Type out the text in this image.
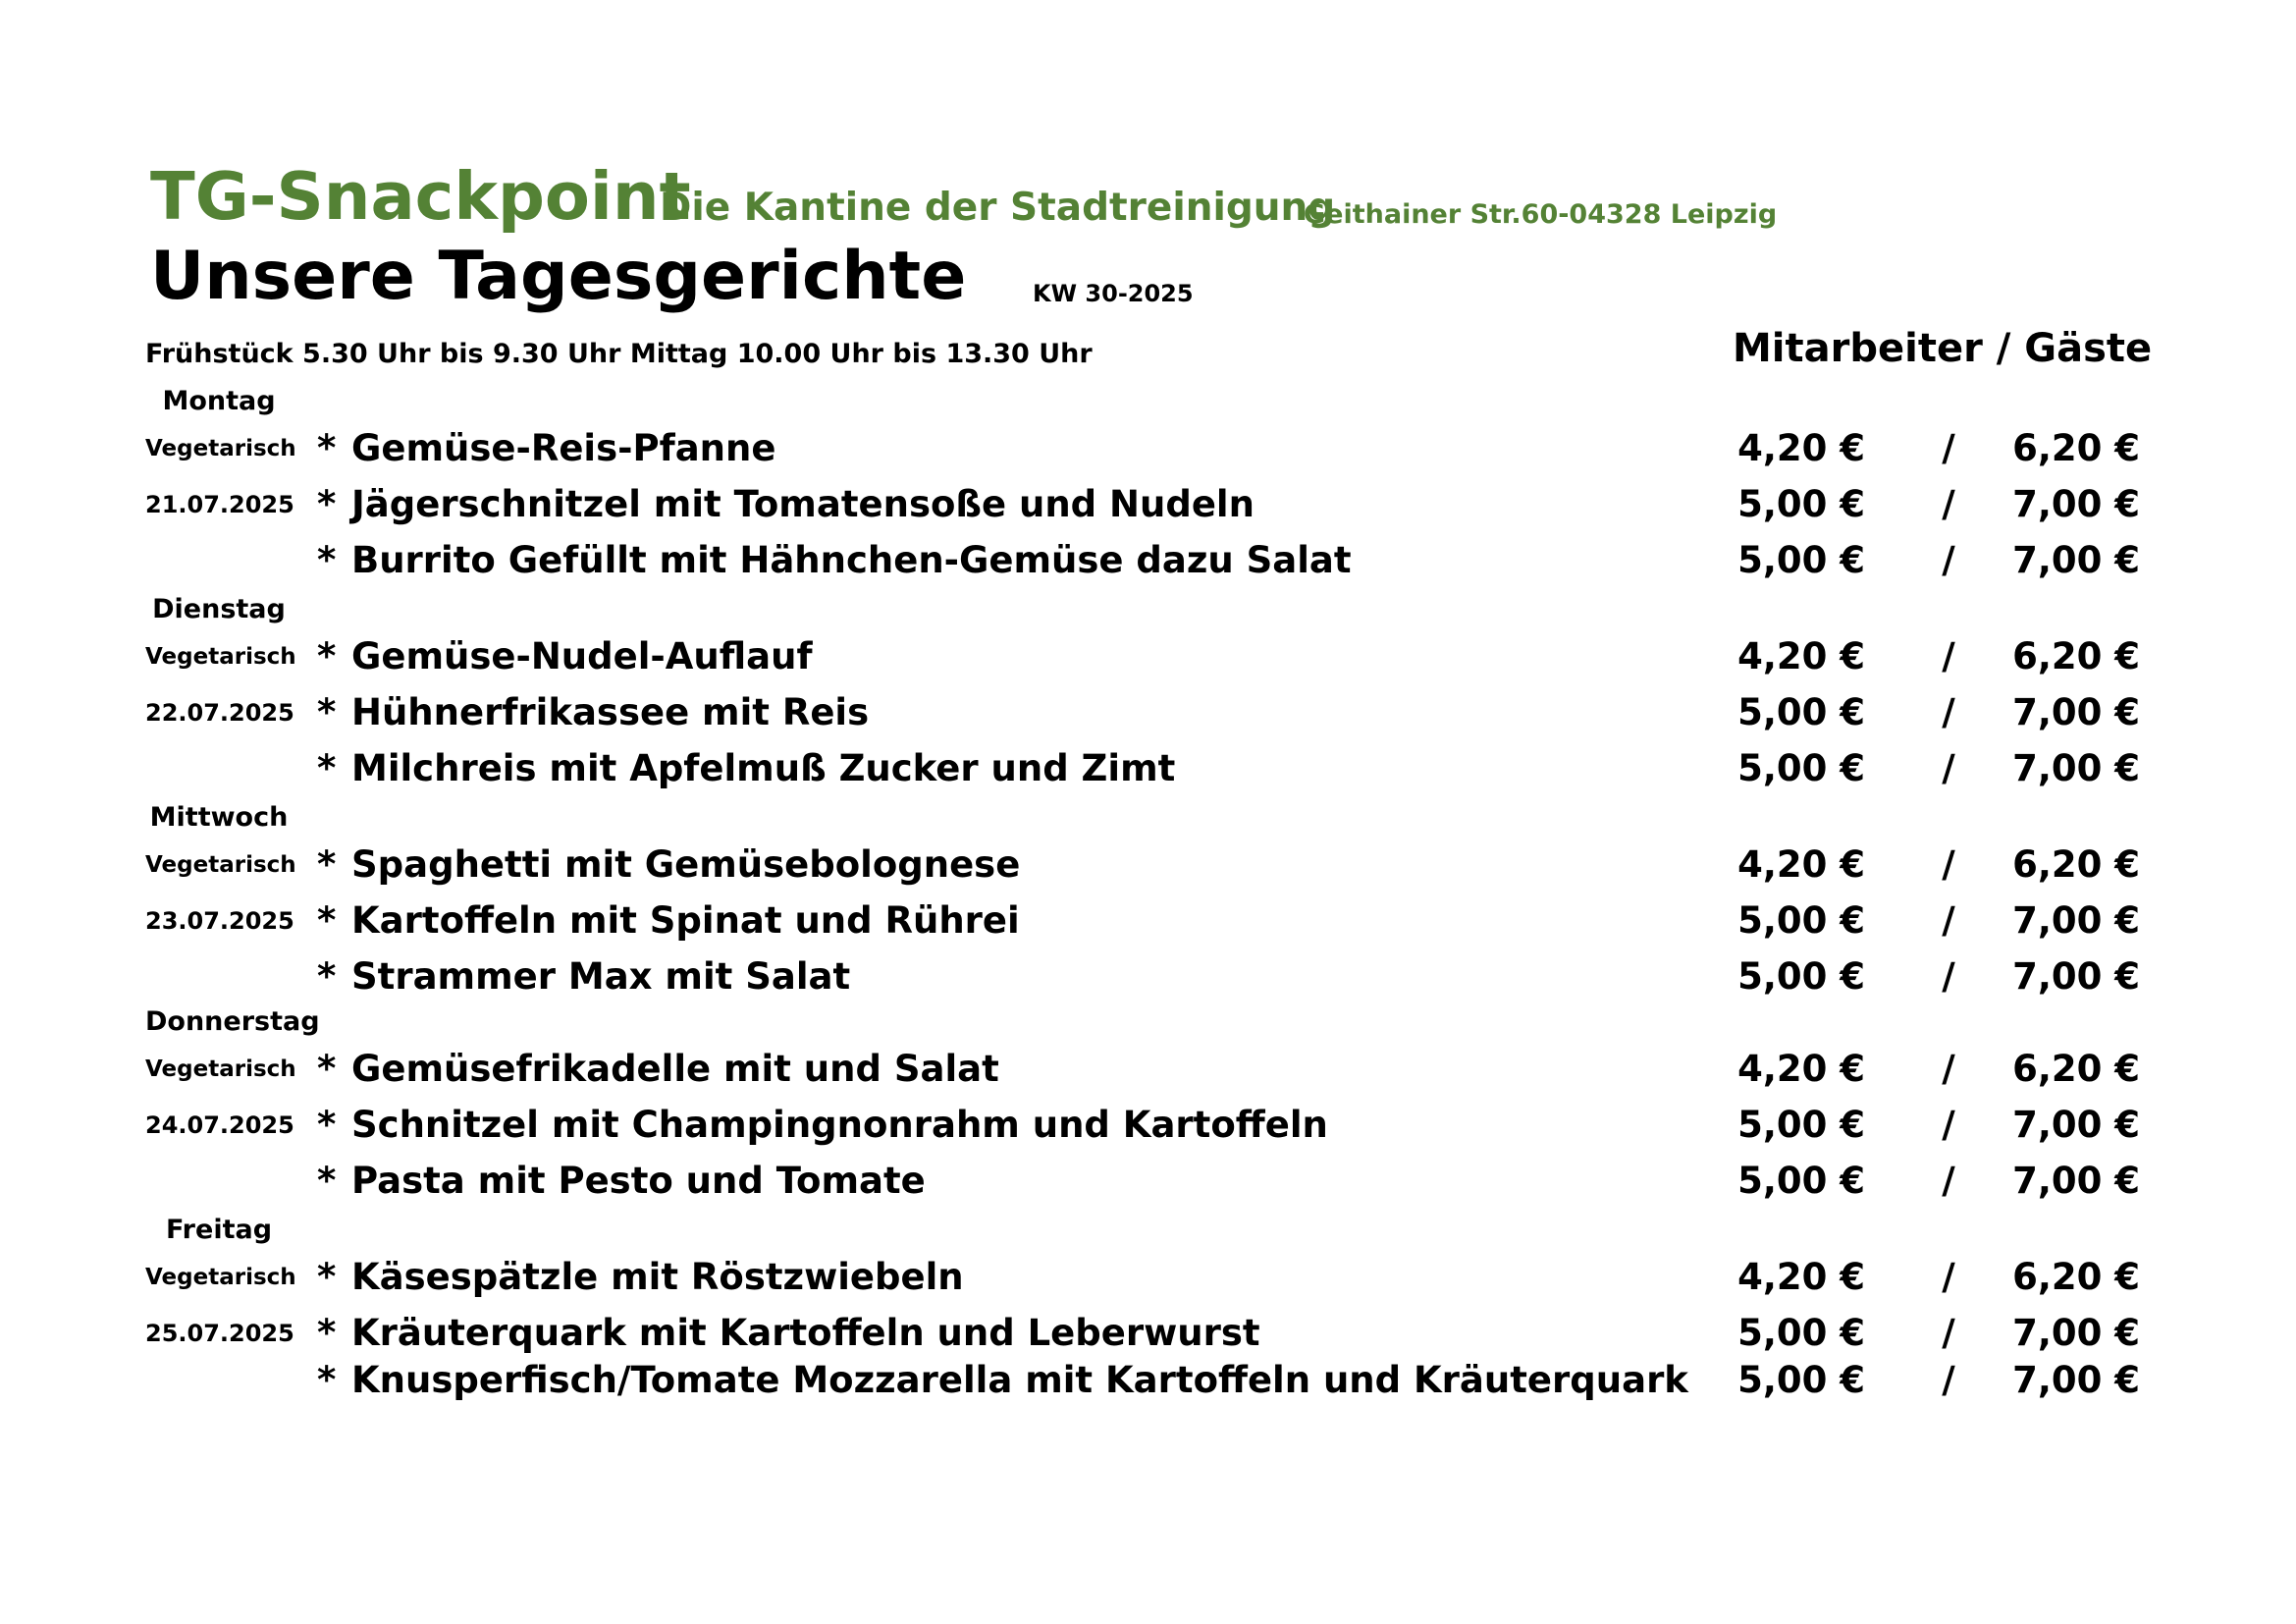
TG-Snackpoint
Die Kantine der Stadtreinigung
Geithainer Str.60-04328 Leipzig
Unsere Tagesgerichte	KW 30-2025
Frühstück 5.30 Uhr bis 9.30 Uhr Mittag 10.00 Uhr bis 13.30 Uhr	Mitarbeiter / Gäste
Montag
Vegetarisch
21.07.2025
* Gemüse-Reis-Pfanne	4,20 € / 6,20 €
* Jägerschnitzel mit Tomatensoße und Nudeln	5,00 € / 7,00 €
* Burrito Gefüllt mit Hähnchen-Gemüse dazu Salat	5,00 € / 7,00 €
Dienstag
Vegetarisch
22.07.2025
* Gemüse-Nudel-Auflauf	4,20 € / 6,20 €
* Hühnerfrikassee mit Reis	5,00 € / 7,00 €
* Milchreis mit Apfelmuß Zucker und Zimt	5,00 € / 7,00 €
Mittwoch
Vegetarisch
23.07.2025
* Spaghetti mit Gemüsebolognese	4,20 € / 6,20 €
* Kartoffeln mit Spinat und Rührei	5,00 € / 7,00 €
* Strammer Max mit Salat	5,00 € / 7,00 €
Donnerstag
Vegetarisch
24.07.2025
* Gemüsefrikadelle mit und Salat	4,20 € / 6,20 €
* Schnitzel mit Champingnonrahm und Kartoffeln	5,00 € / 7,00 €
* Pasta mit Pesto und Tomate	5,00 € / 7,00 €
Freitag
Vegetarisch
25.07.2025
* Käsespätzle mit Röstzwiebeln	4,20 € / 6,20 €
* Kräuterquark mit Kartoffeln und Leberwurst	5,00 € / 7,00 €
* Knusperfisch/Tomate Mozzarella mit Kartoffeln und Kräuterquark 5,00 € / 7,00 €
